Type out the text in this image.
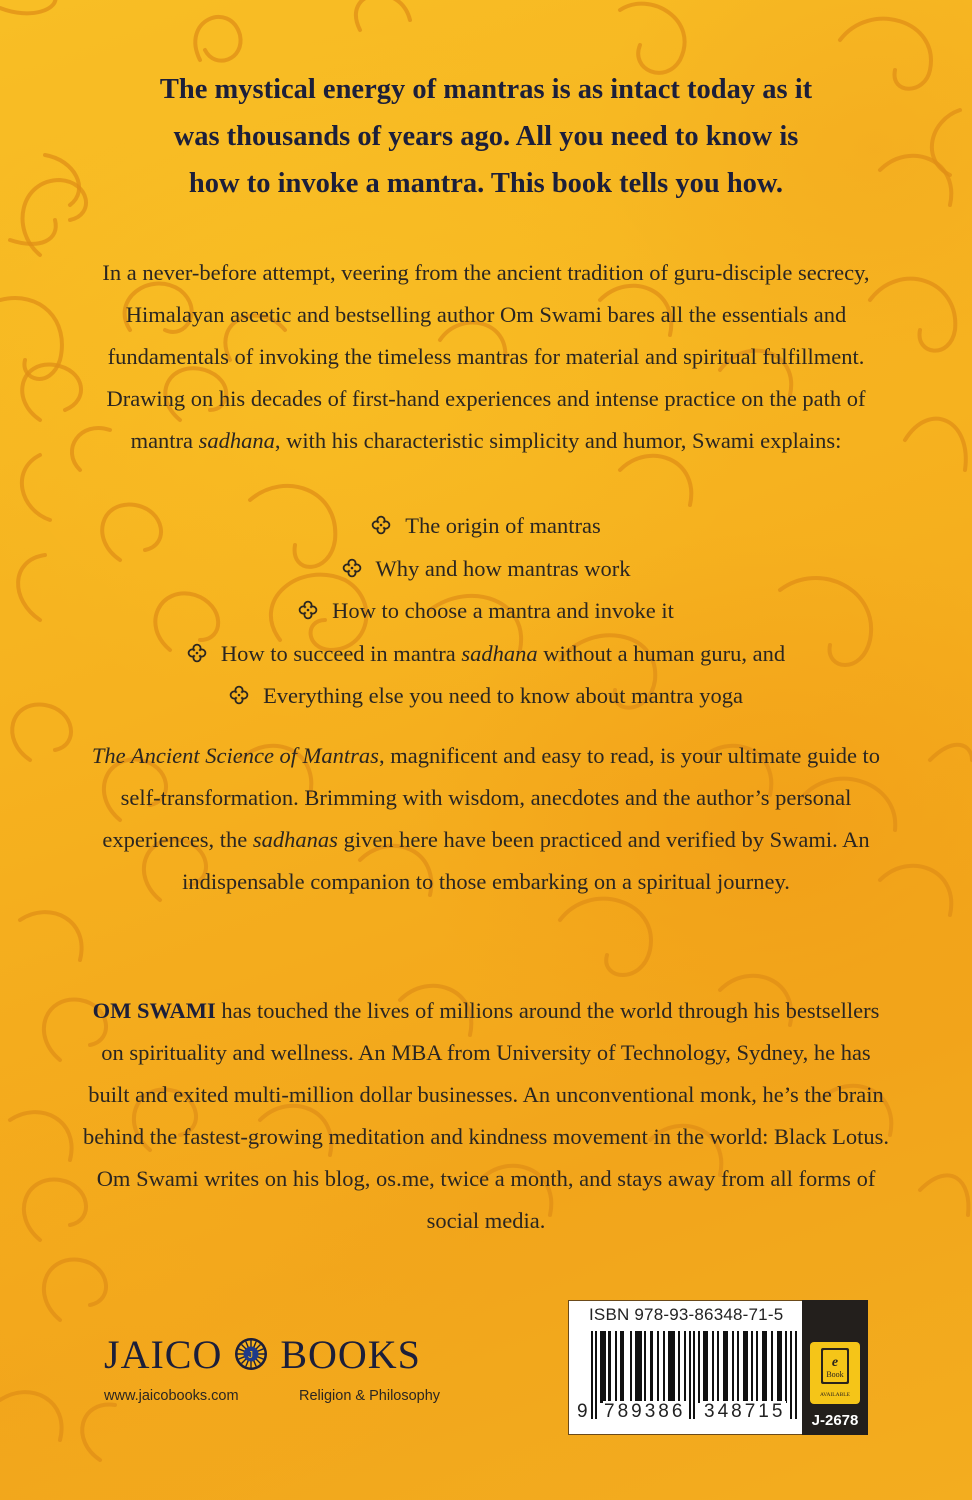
The mystical energy of mantras is as intact today as it
was thousands of years ago. All you need to know is
how to invoke a mantra. This book tells you how.

In a never-before attempt, veering from the ancient tradition of guru-disciple secrecy, Himalayan ascetic and bestselling author Om Swami bares all the essentials and fundamentals of invoking the timeless mantras for material and spiritual fulfillment. Drawing on his decades of first-hand experiences and intense practice on the path of mantra sadhana, with his characteristic simplicity and humor, Swami explains:

The origin of mantras
Why and how mantras work
How to choose a mantra and invoke it
How to succeed in mantra sadhana without a human guru, and
Everything else you need to know about mantra yoga

The Ancient Science of Mantras, magnificent and easy to read, is your ultimate guide to self-transformation. Brimming with wisdom, anecdotes and the author’s personal experiences, the sadhanas given here have been practiced and verified by Swami. An indispensable companion to those embarking on a spiritual journey.

OM SWAMI has touched the lives of millions around the world through his bestsellers on spirituality and wellness. An MBA from University of Technology, Sydney, he has built and exited multi-million dollar businesses. An unconventional monk, he’s the brain behind the fastest-growing meditation and kindness movement in the world: Black Lotus. Om Swami writes on his blog, os.me, twice a month, and stays away from all forms of social media.

JAICO	J BOOKS
www.jaicobooks.com	Religion & Philosophy
ISBN 978-93-86348-71-5
9 789386 348715
e
Book
AVAILABLE
J-2678
